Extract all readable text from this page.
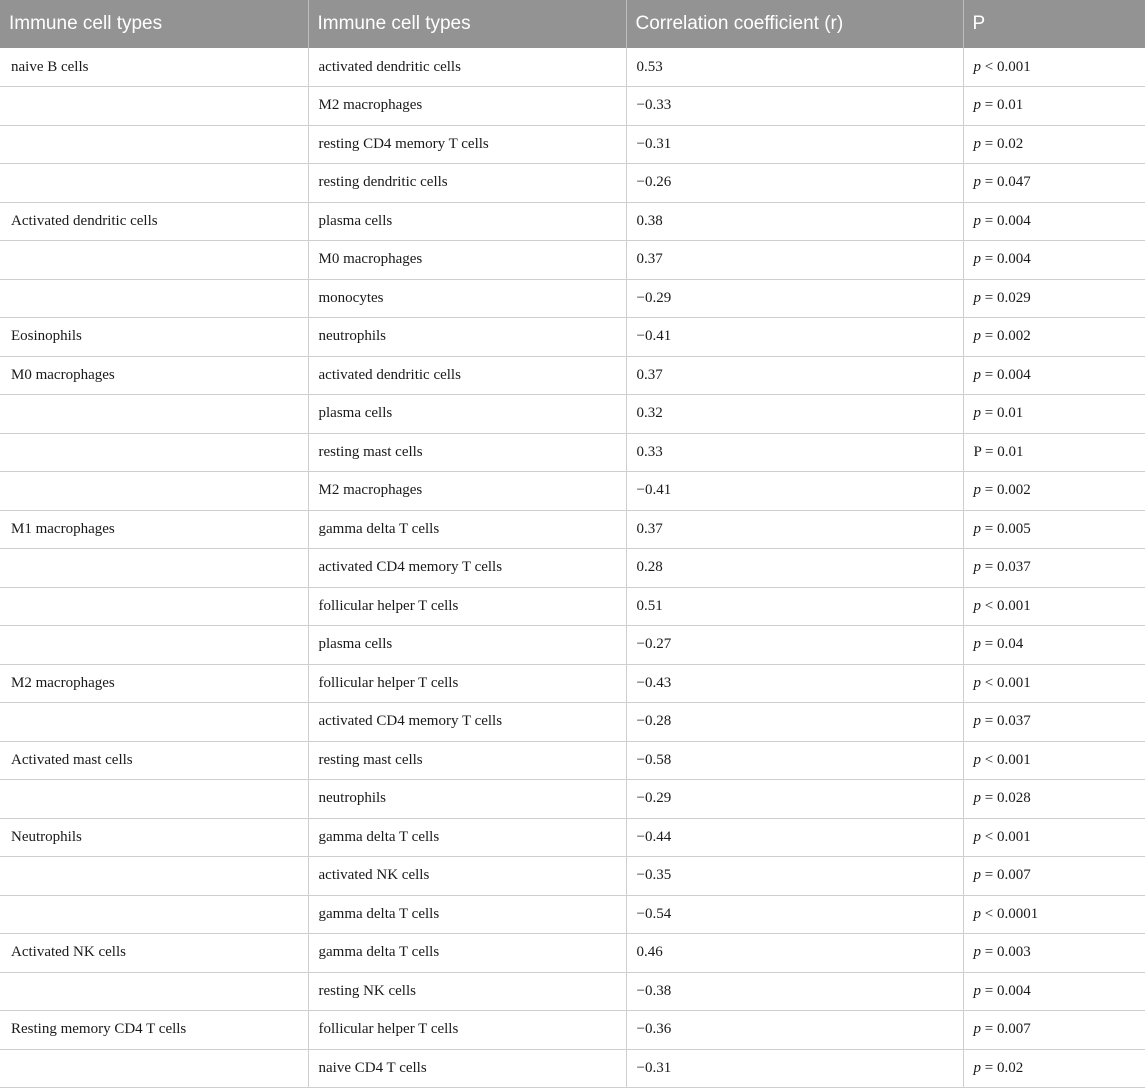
Immune cell types	Immune cell types	Correlation coefficient (r)	P
naive B cells	activated dendritic cells	0.53	p < 0.001
	M2 macrophages	−0.33	p = 0.01
	resting CD4 memory T cells	−0.31	p = 0.02
	resting dendritic cells	−0.26	p = 0.047
Activated dendritic cells	plasma cells	0.38	p = 0.004
	M0 macrophages	0.37	p = 0.004
	monocytes	−0.29	p = 0.029
Eosinophils	neutrophils	−0.41	p = 0.002
M0 macrophages	activated dendritic cells	0.37	p = 0.004
	plasma cells	0.32	p = 0.01
	resting mast cells	0.33	P = 0.01
	M2 macrophages	−0.41	p = 0.002
M1 macrophages	gamma delta T cells	0.37	p = 0.005
	activated CD4 memory T cells	0.28	p = 0.037
	follicular helper T cells	0.51	p < 0.001
	plasma cells	−0.27	p = 0.04
M2 macrophages	follicular helper T cells	−0.43	p < 0.001
	activated CD4 memory T cells	−0.28	p = 0.037
Activated mast cells	resting mast cells	−0.58	p < 0.001
	neutrophils	−0.29	p = 0.028
Neutrophils	gamma delta T cells	−0.44	p < 0.001
	activated NK cells	−0.35	p = 0.007
	gamma delta T cells	−0.54	p < 0.0001
Activated NK cells	gamma delta T cells	0.46	p = 0.003
	resting NK cells	−0.38	p = 0.004
Resting memory CD4 T cells	follicular helper T cells	−0.36	p = 0.007
	naive CD4 T cells	−0.31	p = 0.02
